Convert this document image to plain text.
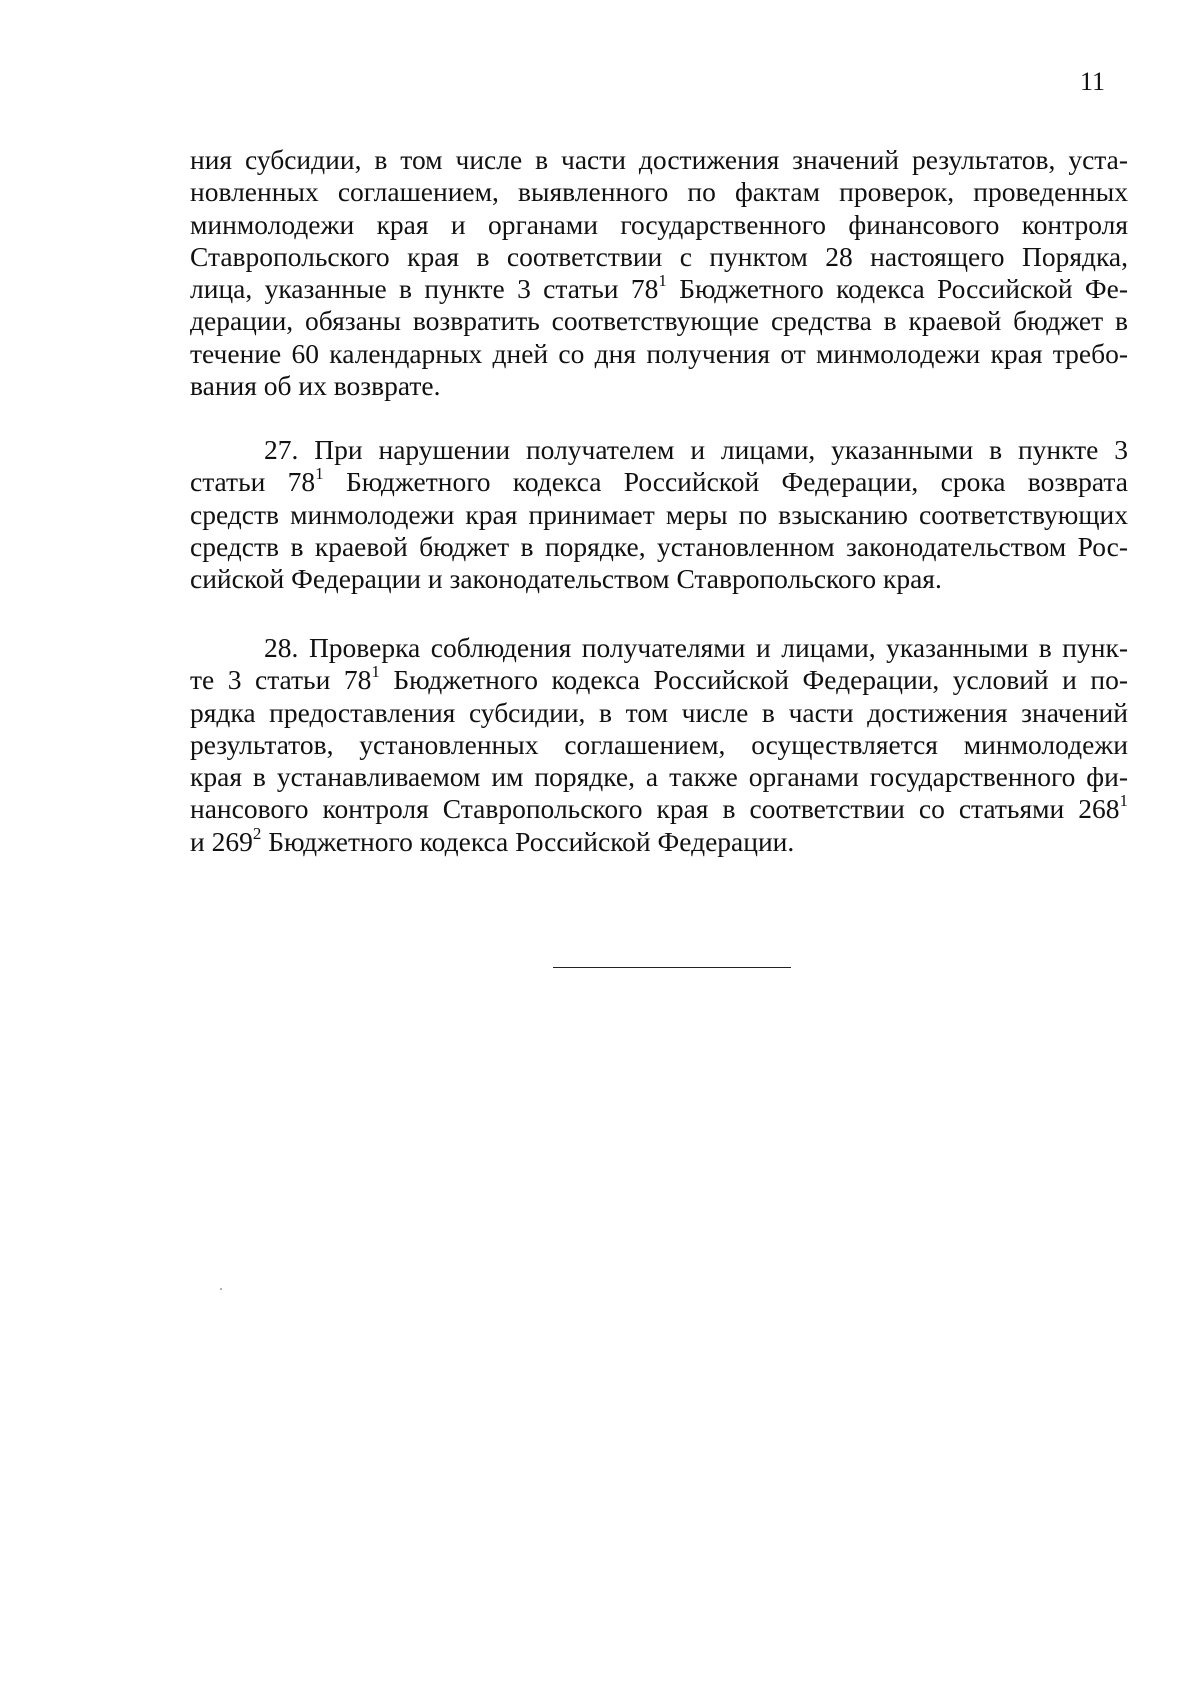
11
ния субсидии, в том числе в части достижения значений результатов, уста-
новленных соглашением, выявленного по фактам проверок, проведенных
минмолодежи края и органами государственного финансового контроля
Ставропольского края в соответствии с пунктом 28 настоящего Порядка,
лица, указанные в пункте 3 статьи $78^1$ Бюджетного кодекса Российской Фе-
дерации, обязаны возвратить соответствующие средства в краевой бюджет в
течение 60 календарных дней со дня получения от минмолодежи края требо-
вания об их возврате.
27. При нарушении получателем и лицами, указанными в пункте 3
статьи $78^1$ Бюджетного кодекса Российской Федерации, срока возврата
средств минмолодежи края принимает меры по взысканию соответствующих
средств в краевой бюджет в порядке, установленном законодательством Рос-
сийской Федерации и законодательством Ставропольского края.
28. Проверка соблюдения получателями и лицами, указанными в пунк-
те 3 статьи $78^1$ Бюджетного кодекса Российской Федерации, условий и по-
рядка предоставления субсидии, в том числе в части достижения значений
результатов, установленных соглашением, осуществляется минмолодежи
края в устанавливаемом им порядке, а также органами государственного фи-
нансового контроля Ставропольского края в соответствии со статьями $268^1$
и $269^2$ Бюджетного кодекса Российской Федерации.
